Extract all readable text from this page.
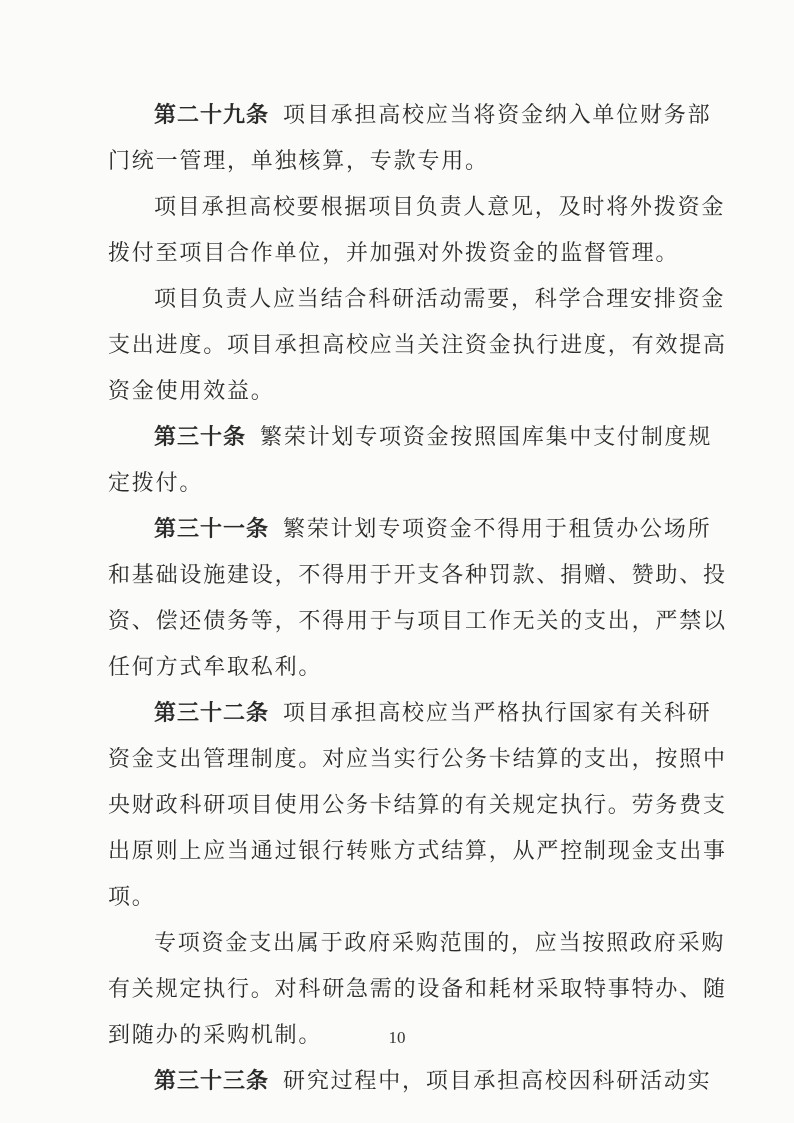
第二十九条 项目承担高校应当将资金纳入单位财务部
门统一管理，单独核算，专款专用。
项目承担高校要根据项目负责人意见，及时将外拨资金
拨付至项目合作单位，并加强对外拨资金的监督管理。
项目负责人应当结合科研活动需要，科学合理安排资金
支出进度。项目承担高校应当关注资金执行进度，有效提高
资金使用效益。
第三十条 繁荣计划专项资金按照国库集中支付制度规
定拨付。
第三十一条 繁荣计划专项资金不得用于租赁办公场所
和基础设施建设，不得用于开支各种罚款、捐赠、赞助、投
资、偿还债务等，不得用于与项目工作无关的支出，严禁以
任何方式牟取私利。
第三十二条 项目承担高校应当严格执行国家有关科研
资金支出管理制度。对应当实行公务卡结算的支出，按照中
央财政科研项目使用公务卡结算的有关规定执行。劳务费支
出原则上应当通过银行转账方式结算，从严控制现金支出事
项。
专项资金支出属于政府采购范围的，应当按照政府采购
有关规定执行。对科研急需的设备和耗材采取特事特办、随
到随办的采购机制。
第三十三条 研究过程中，项目承担高校因科研活动实
10
